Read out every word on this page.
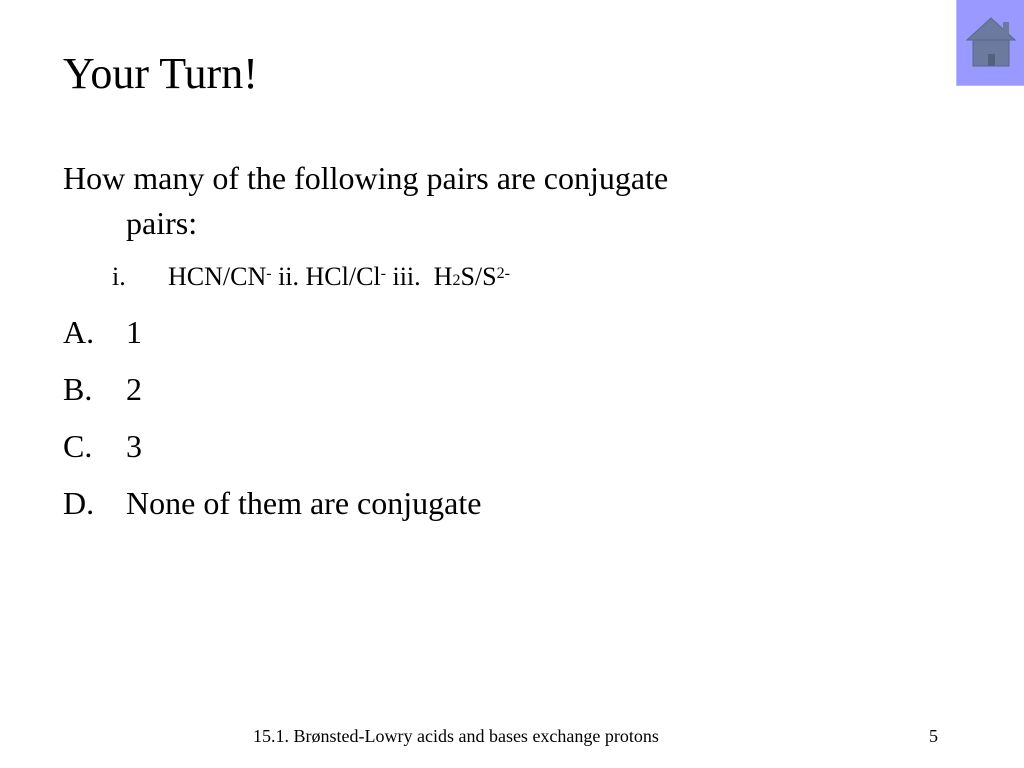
Your Turn!
How many of the following pairs are conjugate
pairs:
i. HCN/CN- ii. HCl/Cl- iii.  $H_2S/S^{2-}$
A. 1
B. 2
C. 3
D. None of them are conjugate
15.1. Brønsted-Lowry acids and bases exchange protons	5
